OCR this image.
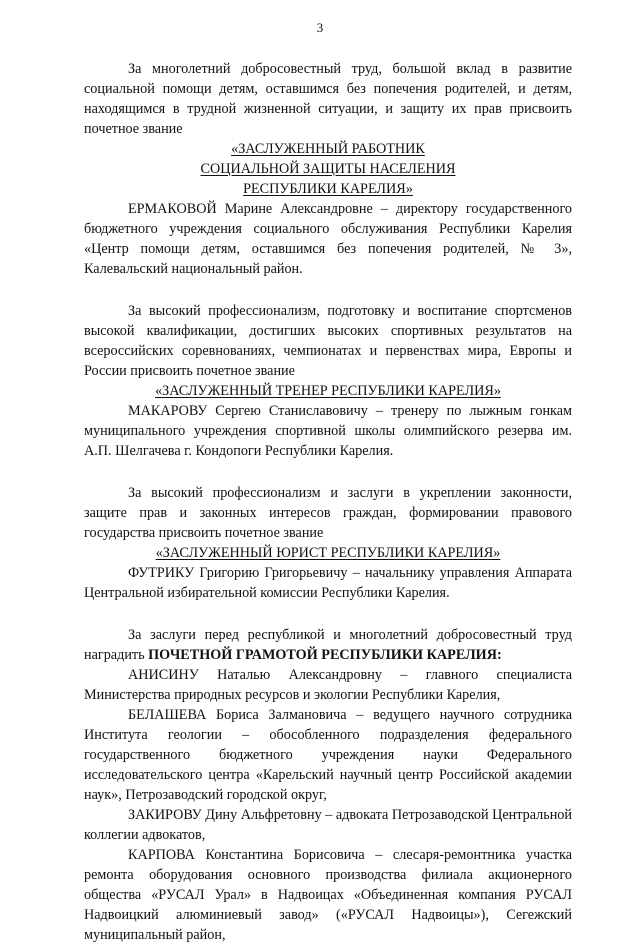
3

За многолетний добросовестный труд, большой вклад в развитие социальной помощи детям, оставшимся без попечения родителей, и детям, находящимся в трудной жизненной ситуации, и защиту их прав присвоить почетное звание

«ЗАСЛУЖЕННЫЙ РАБОТНИК

СОЦИАЛЬНОЙ ЗАЩИТЫ НАСЕЛЕНИЯ

РЕСПУБЛИКИ КАРЕЛИЯ»

ЕРМАКОВОЙ Марине Александровне – директору государственного бюджетного учреждения социального обслуживания Республики Карелия «Центр помощи детям, оставшимся без попечения родителей, № 3», Калевальский национальный район.

За высокий профессионализм, подготовку и воспитание спортсменов высокой квалификации, достигших высоких спортивных результатов на всероссийских соревнованиях, чемпионатах и первенствах мира, Европы и России присвоить почетное звание

«ЗАСЛУЖЕННЫЙ ТРЕНЕР РЕСПУБЛИКИ КАРЕЛИЯ»

МАКАРОВУ Сергею Станиславовичу – тренеру по лыжным гонкам муниципального учреждения спортивной школы олимпийского резерва им. А.П. Шелгачева г. Кондопоги Республики Карелия.

За высокий профессионализм и заслуги в укреплении законности, защите прав и законных интересов граждан, формировании правового государства присвоить почетное звание

«ЗАСЛУЖЕННЫЙ ЮРИСТ РЕСПУБЛИКИ КАРЕЛИЯ»

ФУТРИКУ Григорию Григорьевичу – начальнику управления Аппарата Центральной избирательной комиссии Республики Карелия.

За заслуги перед республикой и многолетний добросовестный труд наградить ПОЧЕТНОЙ ГРАМОТОЙ РЕСПУБЛИКИ КАРЕЛИЯ:

АНИСИНУ Наталью Александровну – главного специалиста Министерства природных ресурсов и экологии Республики Карелия,

БЕЛАШЕВА Бориса Залмановича – ведущего научного сотрудника Института геологии – обособленного подразделения федерального государственного бюджетного учреждения науки Федерального исследовательского центра «Карельский научный центр Российской академии наук», Петрозаводский городской округ,

ЗАКИРОВУ Дину Альфретовну – адвоката Петрозаводской Центральной коллегии адвокатов,

КАРПОВА Константина Борисовича – слесаря-ремонтника участка ремонта оборудования основного производства филиала акционерного общества «РУСАЛ Урал» в Надвоицах «Объединенная компания РУСАЛ Надвоицкий алюминиевый завод» («РУСАЛ Надвоицы»), Сегежский муниципальный район,
